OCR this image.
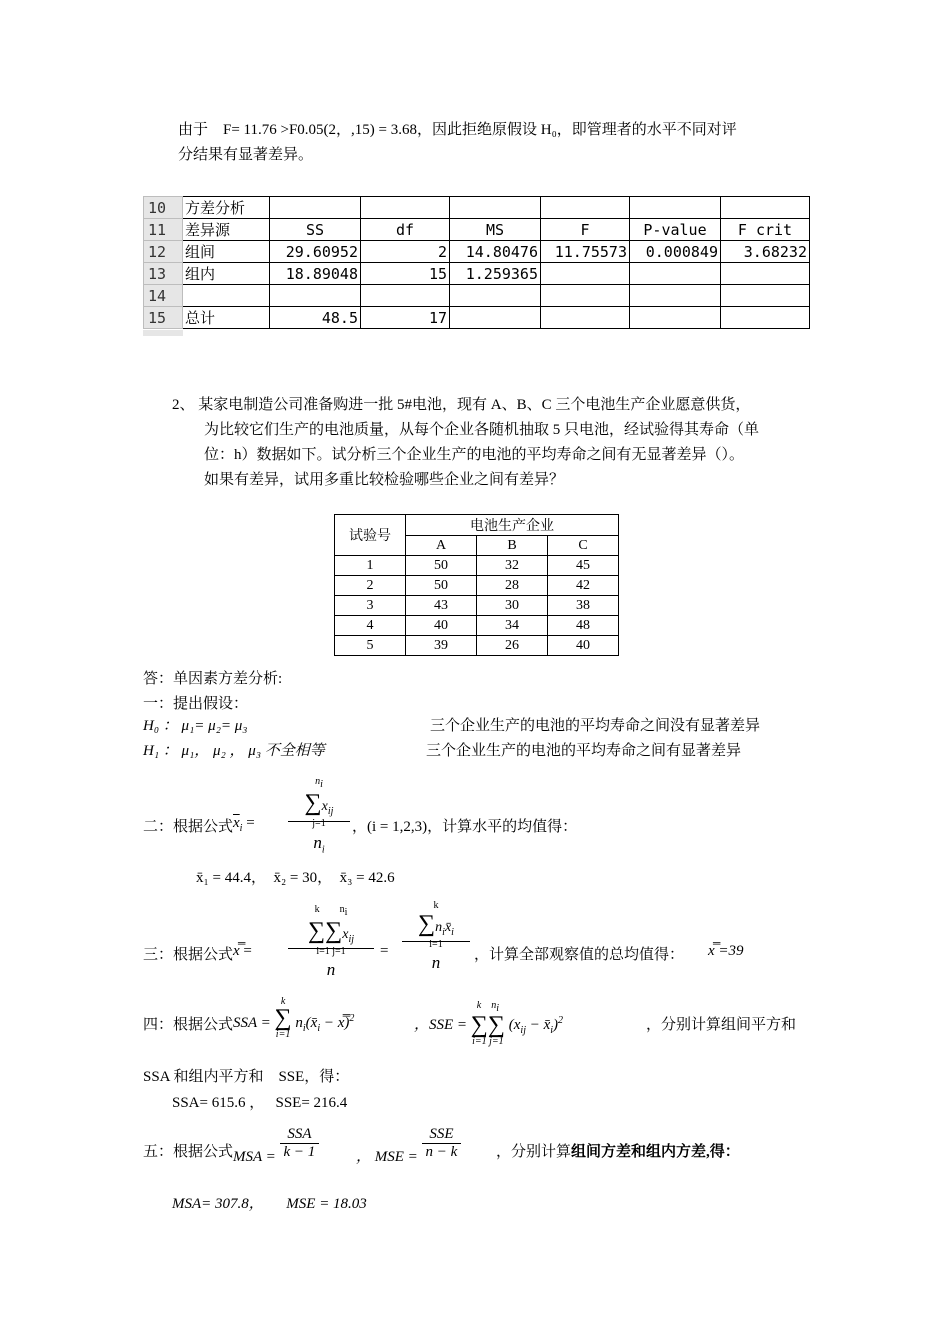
由于　F= 11.76 >F0.05(2，,15) = 3.68，因此拒绝原假设 H₀，即管理者的水平不同对评
分结果有显著差异。
10	方差分析						
11	差异源	SS	df	MS	F	P-value	F crit
12	组间	29.60952	2	14.80476	11.75573	0.000849	3.68232
13	组内	18.89048	15	1.259365			
14							
15	总计	48.5	17				
2、 某家电制造公司准备购进一批 5#电池，现有 A、B、C 三个电池生产企业愿意供货，
为比较它们生产的电池质量，从每个企业各随机抽取 5 只电池，经试验得其寿命（单
位：h）数据如下。试分析三个企业生产的电池的平均寿命之间有无显著差异（）。
如果有差异，试用多重比较检验哪些企业之间有差异？
试验号	电池生产企业		
	A	B	C
1	50	32	45
2	50	28	42
3	43	30	38
4	40	34	48
5	39	26	40
答：单因素方差分析:
一：提出假设：
H₀ ： μ₁= μ₂= μ₃	三个企业生产的电池的平均寿命之间没有显著差异
H₁ ： μ₁， μ₂ ， μ₃ 不全相等	三个企业生产的电池的平均寿命之间有显著差异
二：根据公式 $\overline{x}_i$ =
$n_i$
$\sum x_{ij}$
j=1
$n_i$
，(i = 1,2,3)，计算水平的均值得：
x̄₁ = 44.4，　x̄₂ = 30，　x̄₃ = 42.6
三：根据公式 x̿ =
k　　$n_i$
$\sum\sum x_{ij}$
i=1 j=1
n
=
k
$\sum n_ix̄_i$
i=1
n	，计算全部观察值的总均值得： x̿ =39
四：根据公式 SSA =
k
∑
i=1
$n_i(x̄_i$ − x̿)$^2$	，SSE =
k　$n_i$
∑∑
i=1 j=1
($x_{ij}$ − $x̄_i)^2$	，分别计算组间平方和
SSA 和组内平方和　SSE，得：
SSA= 615.6 ，　 SSE= 216.4
五：根据公式 MSA = $\frac{\text{SSA}}{k - 1}$ ， MSE = $\frac{\text{SSE}}{n - k}$ ，分别计算组间方差和组内方差,得：
MSA= 307.8，　　MSE = 18.03
